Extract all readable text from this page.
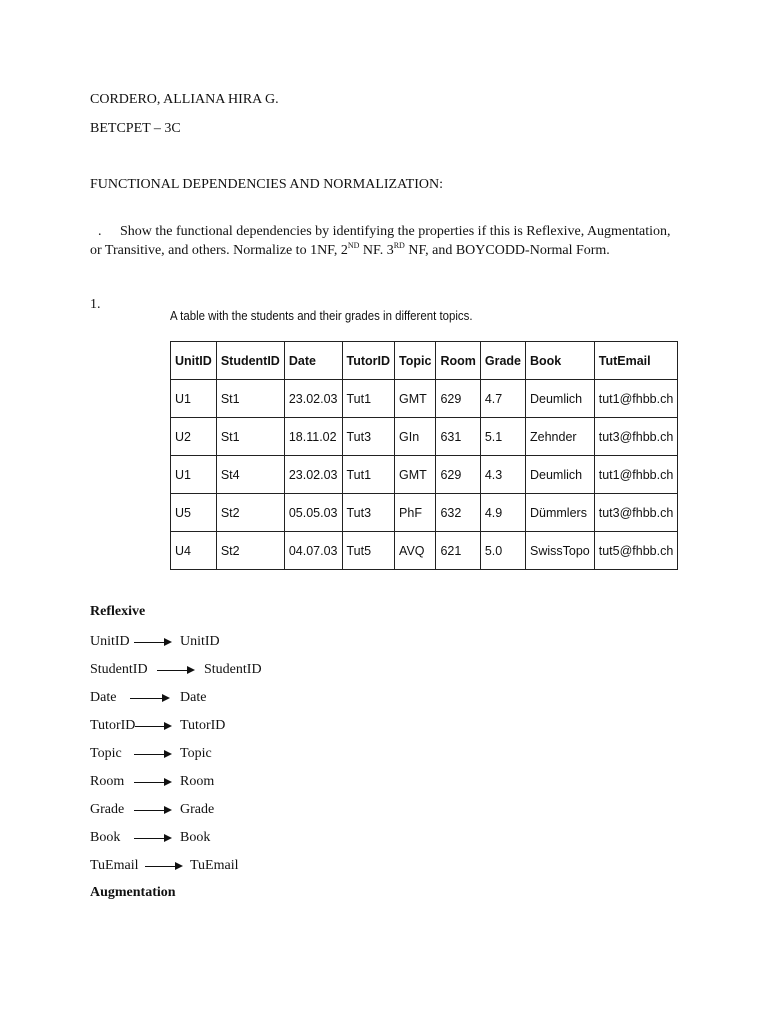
CORDERO, ALLIANA HIRA G.
BETCPET – 3C
FUNCTIONAL DEPENDENCIES AND NORMALIZATION:
. Show the functional dependencies by identifying the properties if this is Reflexive, Augmentation, or Transitive, and others. Normalize to 1NF, 2ND NF. 3RD NF, and BOYCODD-Normal Form.
1.
A table with the students and their grades in different topics.
UnitID	StudentID	Date	TutorID	Topic	Room	Grade	Book	TutEmail
U1	St1	23.02.03	Tut1	GMT	629	4.7	Deumlich	tut1@fhbb.ch
U2	St1	18.11.02	Tut3	GIn	631	5.1	Zehnder	tut3@fhbb.ch
U1	St4	23.02.03	Tut1	GMT	629	4.3	Deumlich	tut1@fhbb.ch
U5	St2	05.05.03	Tut3	PhF	632	4.9	Dümmlers	tut3@fhbb.ch
U4	St2	04.07.03	Tut5	AVQ	621	5.0	SwissTopo	tut5@fhbb.ch
Reflexive
UnitID	UnitID
StudentID	StudentID
Date	Date
TutorID	TutorID
Topic	Topic
Room	Room
Grade	Grade
Book	Book
TuEmail	TuEmail
Augmentation
